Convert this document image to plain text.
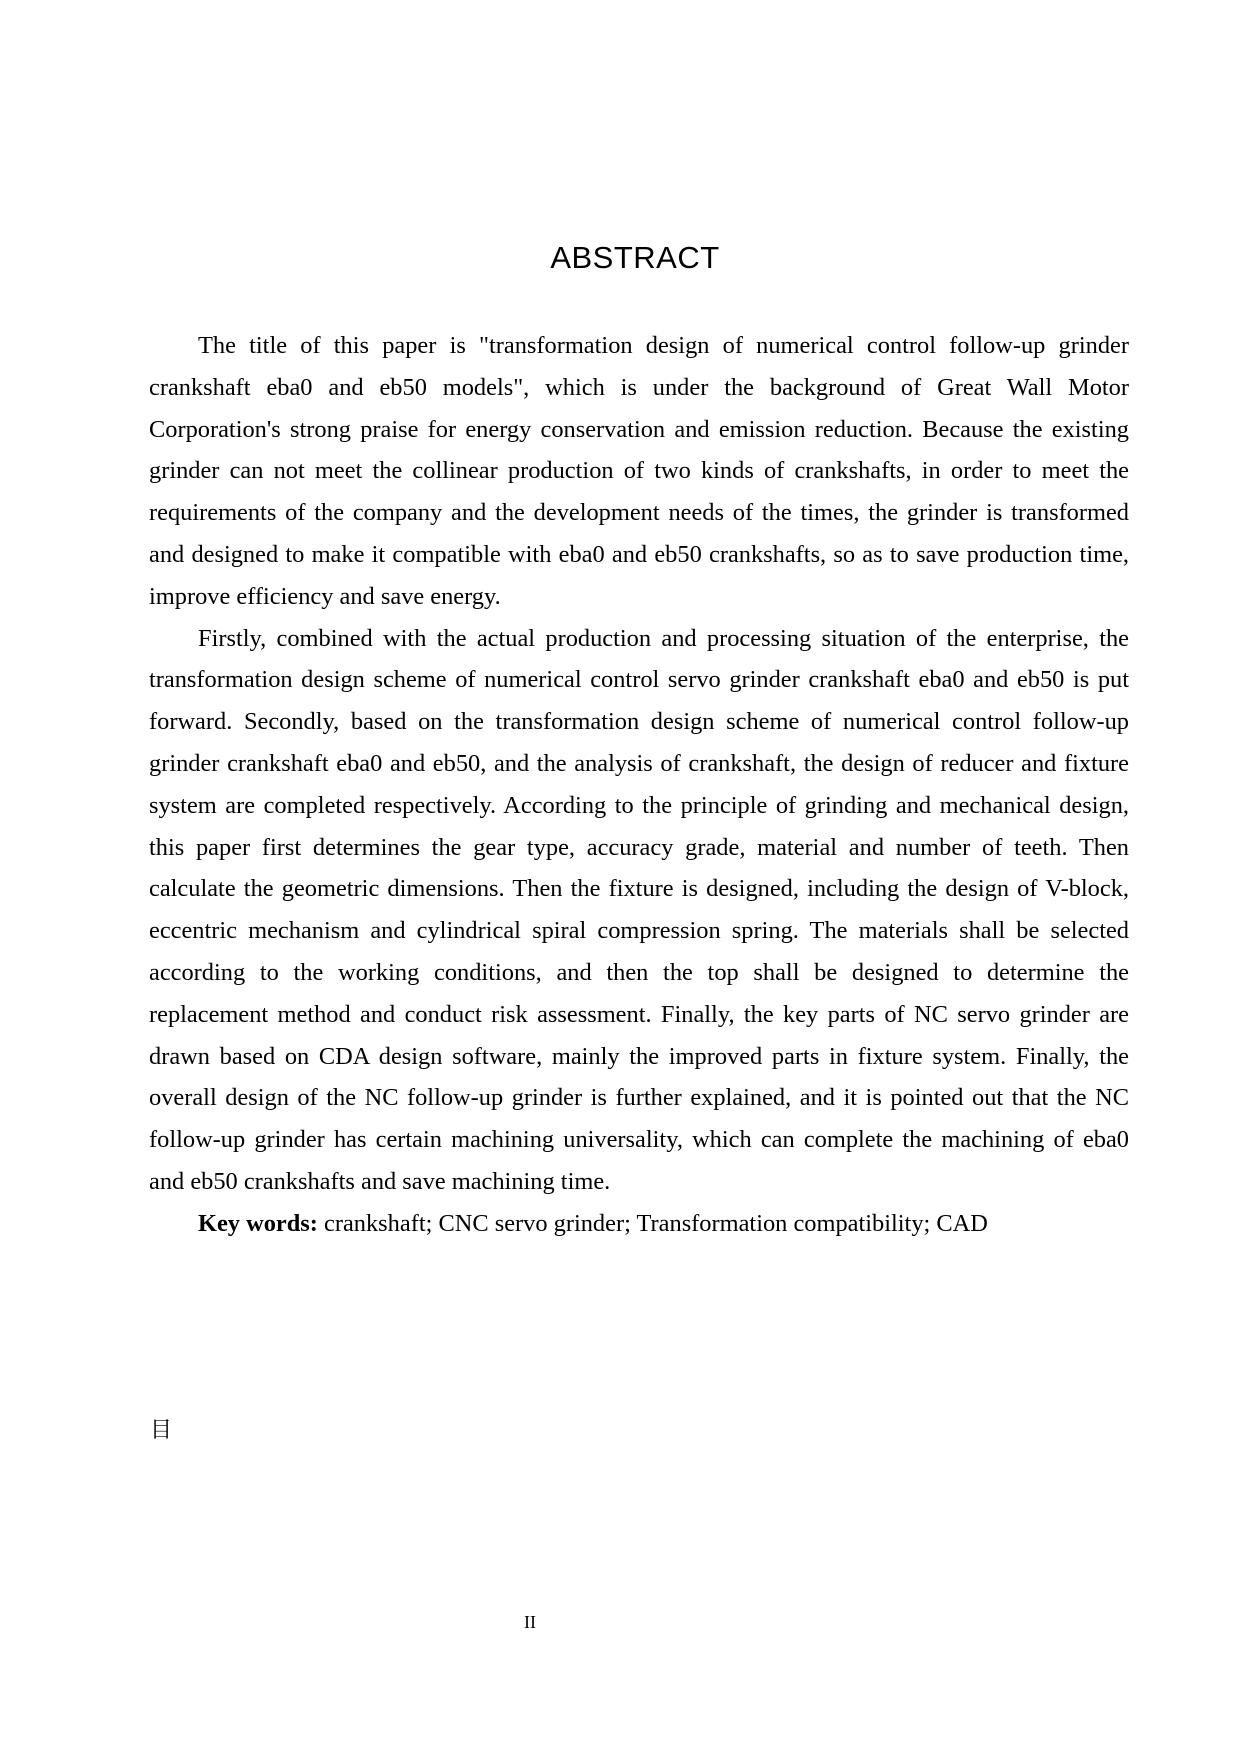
ABSTRACT

The title of this paper is "transformation design of numerical control follow-up grinder crankshaft eba0 and eb50 models", which is under the background of Great Wall Motor Corporation's strong praise for energy conservation and emission reduction. Because the existing grinder can not meet the collinear production of two kinds of crankshafts, in order to meet the requirements of the company and the development needs of the times, the grinder is transformed and designed to make it compatible with eba0 and eb50 crankshafts, so as to save production time, improve efficiency and save energy.

Firstly, combined with the actual production and processing situation of the enterprise, the transformation design scheme of numerical control servo grinder crankshaft eba0 and eb50 is put forward. Secondly, based on the transformation design scheme of numerical control follow-up grinder crankshaft eba0 and eb50, and the analysis of crankshaft, the design of reducer and fixture system are completed respectively. According to the principle of grinding and mechanical design, this paper first determines the gear type, accuracy grade, material and number of teeth. Then calculate the geometric dimensions. Then the fixture is designed, including the design of V-block, eccentric mechanism and cylindrical spiral compression spring. The materials shall be selected according to the working conditions, and then the top shall be designed to determine the replacement method and conduct risk assessment. Finally, the key parts of NC servo grinder are drawn based on CDA design software, mainly the improved parts in fixture system. Finally, the overall design of the NC follow-up grinder is further explained, and it is pointed out that the NC follow-up grinder has certain machining universality, which can complete the machining of eba0 and eb50 crankshafts and save machining time.

Key words: crankshaft; CNC servo grinder; Transformation compatibility; CAD

目
II
